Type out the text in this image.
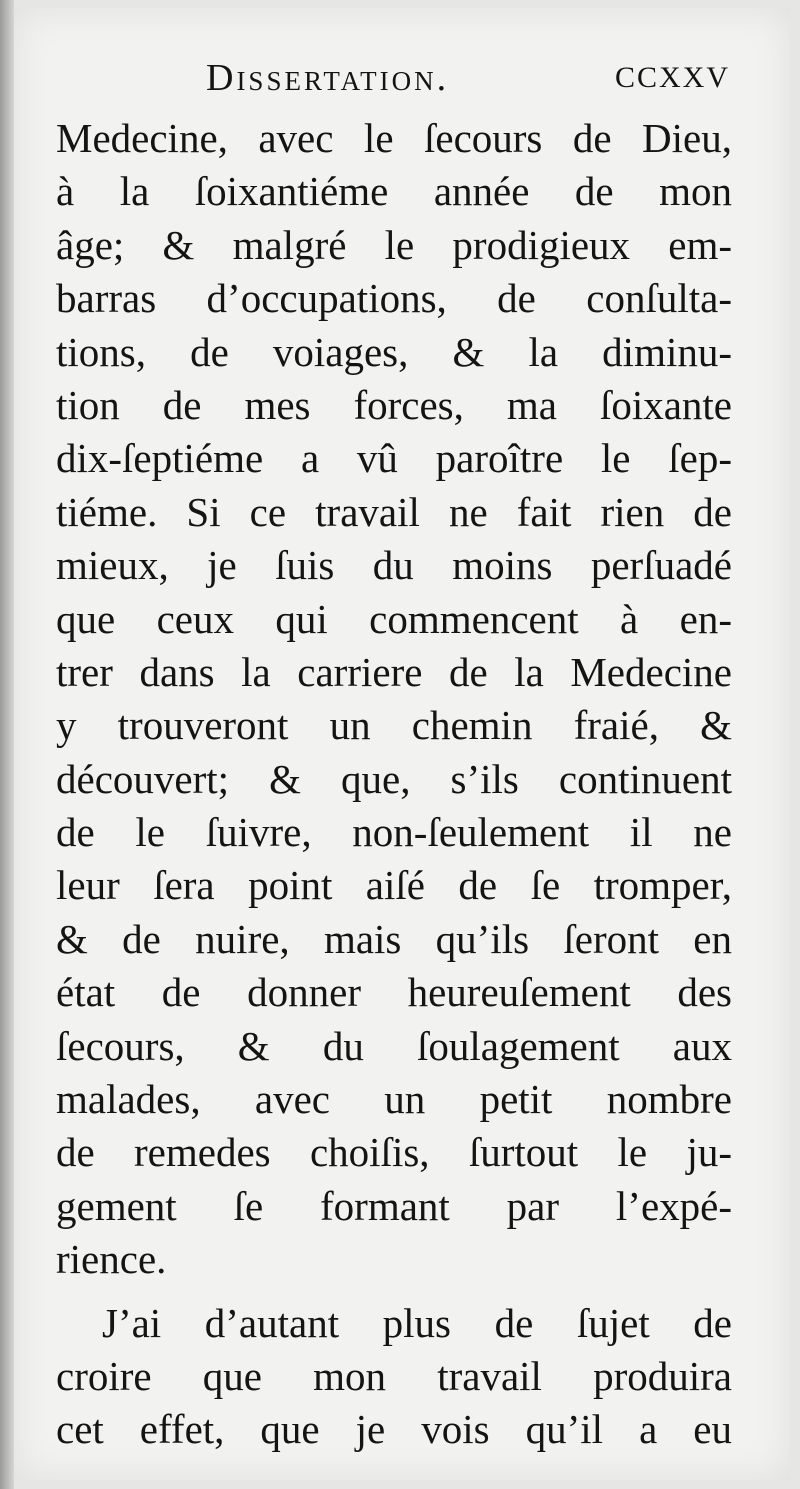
Dissertation.	CCXXV
Medecine, avec le ſecours de Dieu,
à la ſoixantiéme année de mon
âge; & malgré le prodigieux em-
barras d’occupations, de conſulta-
tions, de voiages, & la diminu-
tion de mes forces, ma ſoixante
dix-ſeptiéme a vû paroître le ſep-
tiéme. Si ce travail ne fait rien de
mieux, je ſuis du moins perſuadé
que ceux qui commencent à en-
trer dans la carriere de la Medecine
y trouveront un chemin fraié, &
découvert; & que, s’ils continuent
de le ſuivre, non-ſeulement il ne
leur ſera point aiſé de ſe tromper,
& de nuire, mais qu’ils ſeront en
état de donner heureuſement des
ſecours, & du ſoulagement aux
malades, avec un petit nombre
de remedes choiſis, ſurtout le ju-
gement ſe formant par l’expé-
rience.
J’ai d’autant plus de ſujet de
croire que mon travail produira
cet effet, que je vois qu’il a eu
